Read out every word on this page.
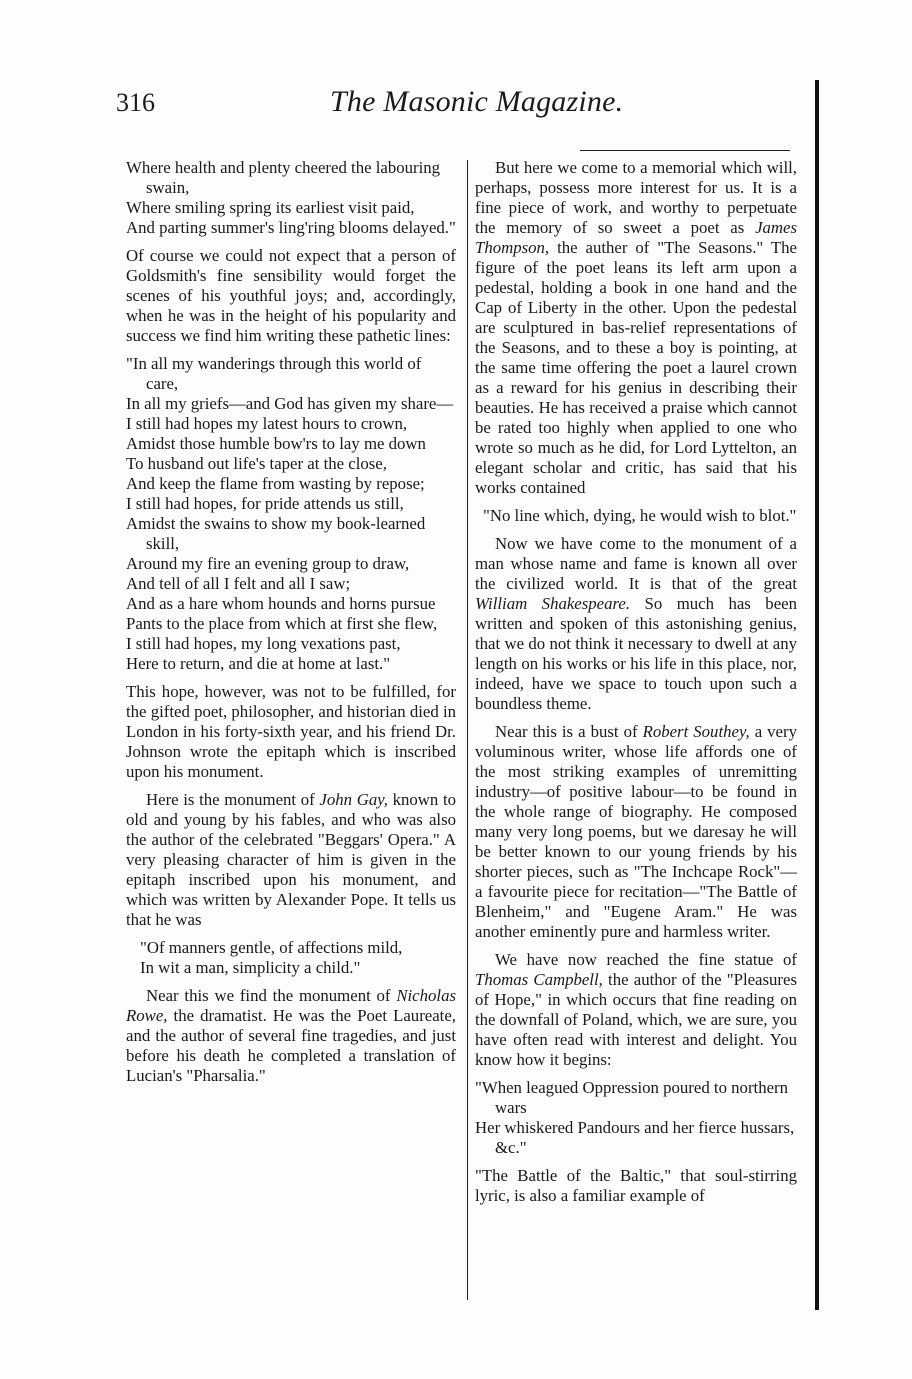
316	The Masonic Magazine.
Where health and plenty cheered the labouring swain,
Where smiling spring its earliest visit paid,
And parting summer's ling'ring blooms delayed."

Of course we could not expect that a person of Goldsmith's fine sensibility would forget the scenes of his youthful joys; and, accordingly, when he was in the height of his popularity and success we find him writing these pathetic lines:

"In all my wanderings through this world of care,
In all my griefs—and God has given my share—
I still had hopes my latest hours to crown,
Amidst those humble bow'rs to lay me down
To husband out life's taper at the close,
And keep the flame from wasting by repose;
I still had hopes, for pride attends us still,
Amidst the swains to show my book-learned skill,
Around my fire an evening group to draw,
And tell of all I felt and all I saw;
And as a hare whom hounds and horns pursue
Pants to the place from which at first she flew,
I still had hopes, my long vexations past,
Here to return, and die at home at last."

This hope, however, was not to be fulfilled, for the gifted poet, philosopher, and historian died in London in his forty-sixth year, and his friend Dr. Johnson wrote the epitaph which is inscribed upon his monument.

Here is the monument of John Gay, known to old and young by his fables, and who was also the author of the celebrated "Beggars' Opera." A very pleasing character of him is given in the epitaph inscribed upon his monument, and which was written by Alexander Pope. It tells us that he was

"Of manners gentle, of affections mild,
In wit a man, simplicity a child."

Near this we find the monument of Nicholas Rowe, the dramatist. He was the Poet Laureate, and the author of several fine tragedies, and just before his death he completed a translation of Lucian's "Pharsalia."

But here we come to a memorial which will, perhaps, possess more interest for us. It is a fine piece of work, and worthy to perpetuate the memory of so sweet a poet as James Thompson, the auther of "The Seasons." The figure of the poet leans its left arm upon a pedestal, holding a book in one hand and the Cap of Liberty in the other. Upon the pedestal are sculptured in bas-relief representations of the Seasons, and to these a boy is pointing, at the same time offering the poet a laurel crown as a reward for his genius in describing their beauties. He has received a praise which cannot be rated too highly when applied to one who wrote so much as he did, for Lord Lyttelton, an elegant scholar and critic, has said that his works contained

"No line which, dying, he would wish to blot."

Now we have come to the monument of a man whose name and fame is known all over the civilized world. It is that of the great William Shakespeare. So much has been written and spoken of this astonishing genius, that we do not think it necessary to dwell at any length on his works or his life in this place, nor, indeed, have we space to touch upon such a boundless theme.

Near this is a bust of Robert Southey, a very voluminous writer, whose life affords one of the most striking examples of unremitting industry—of positive labour—to be found in the whole range of biography. He composed many very long poems, but we daresay he will be better known to our young friends by his shorter pieces, such as "The Inchcape Rock"—a favourite piece for recitation—"The Battle of Blenheim," and "Eugene Aram." He was another eminently pure and harmless writer.

We have now reached the fine statue of Thomas Campbell, the author of the "Pleasures of Hope," in which occurs that fine reading on the downfall of Poland, which, we are sure, you have often read with interest and delight. You know how it begins:

"When leagued Oppression poured to northern wars
Her whiskered Pandours and her fierce hussars, &c."

"The Battle of the Baltic," that soul-stirring lyric, is also a familiar example of
